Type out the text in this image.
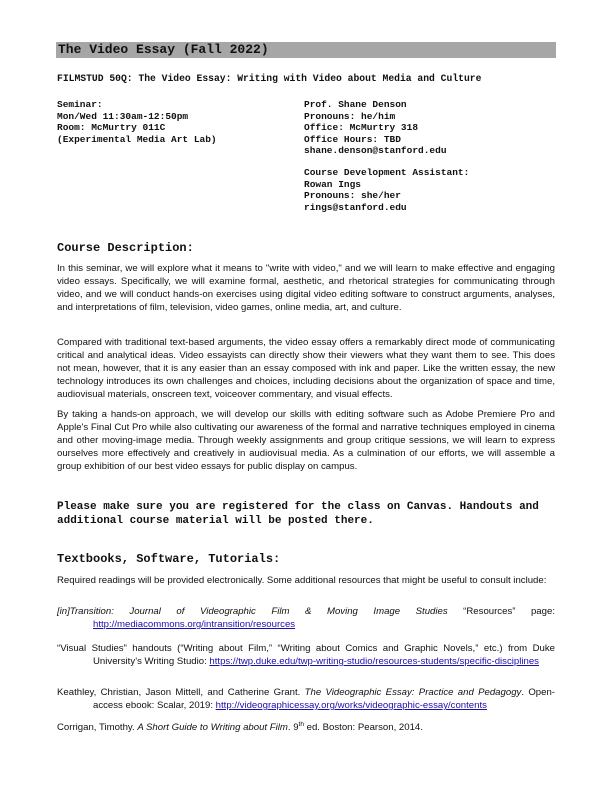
The Video Essay (Fall 2022)
FILMSTUD 50Q: The Video Essay: Writing with Video about Media and Culture
Seminar:
Mon/Wed 11:30am-12:50pm
Room: McMurtry 011C
(Experimental Media Art Lab)
Prof. Shane Denson
Pronouns: he/him
Office: McMurtry 318
Office Hours: TBD
shane.denson@stanford.edu
Course Development Assistant:
Rowan Ings
Pronouns: she/her
rings@stanford.edu
Course Description:

In this seminar, we will explore what it means to "write with video," and we will learn to make effective and engaging video essays. Specifically, we will examine formal, aesthetic, and rhetorical strategies for communicating through video, and we will conduct hands-on exercises using digital video editing software to construct arguments, analyses, and interpretations of film, television, video games, online media, art, and culture.

Compared with traditional text-based arguments, the video essay offers a remarkably direct mode of communicating critical and analytical ideas. Video essayists can directly show their viewers what they want them to see. This does not mean, however, that it is any easier than an essay composed with ink and paper. Like the written essay, the new technology introduces its own challenges and choices, including decisions about the organization of space and time, audiovisual materials, onscreen text, voiceover commentary, and visual effects.

By taking a hands-on approach, we will develop our skills with editing software such as Adobe Premiere Pro and Apple's Final Cut Pro while also cultivating our awareness of the formal and narrative techniques employed in cinema and other moving-image media. Through weekly assignments and group critique sessions, we will learn to express ourselves more effectively and creatively in audiovisual media. As a culmination of our efforts, we will assemble a group exhibition of our best video essays for public display on campus.

Please make sure you are registered for the class on Canvas. Handouts and additional course material will be posted there.

Textbooks, Software, Tutorials:

Required readings will be provided electronically. Some additional resources that might be useful to consult include:

[in]Transition: Journal of Videographic Film & Moving Image Studies “Resources” page: http://mediacommons.org/intransition/resources

“Visual Studies” handouts (“Writing about Film,” “Writing about Comics and Graphic Novels,” etc.) from Duke University’s Writing Studio: https://twp.duke.edu/twp-writing-studio/resources-students/specific-disciplines

Keathley, Christian, Jason Mittell, and Catherine Grant. The Videographic Essay: Practice and Pedagogy. Open-access ebook: Scalar, 2019: http://videographicessay.org/works/videographic-essay/contents

Corrigan, Timothy. A Short Guide to Writing about Film. 9th ed. Boston: Pearson, 2014.
